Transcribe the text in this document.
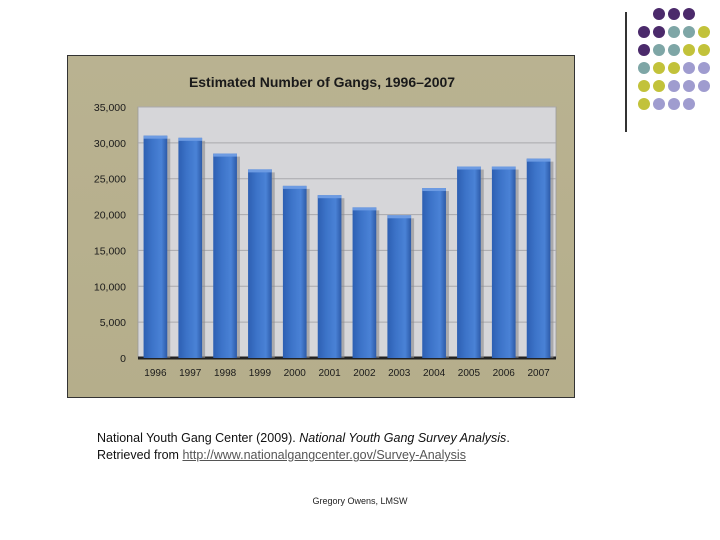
Estimated Number of Gangs, 1996–2007
0
5,000
10,000
15,000
20,000
25,000
30,000
35,000
1996 1997 1998 1999 2000 2001 2002 2003 2004 2005 2006 2007
National Youth Gang Center (2009). National Youth Gang Survey Analysis.
Retrieved from http://www.nationalgangcenter.gov/Survey-Analysis
Gregory Owens, LMSW
